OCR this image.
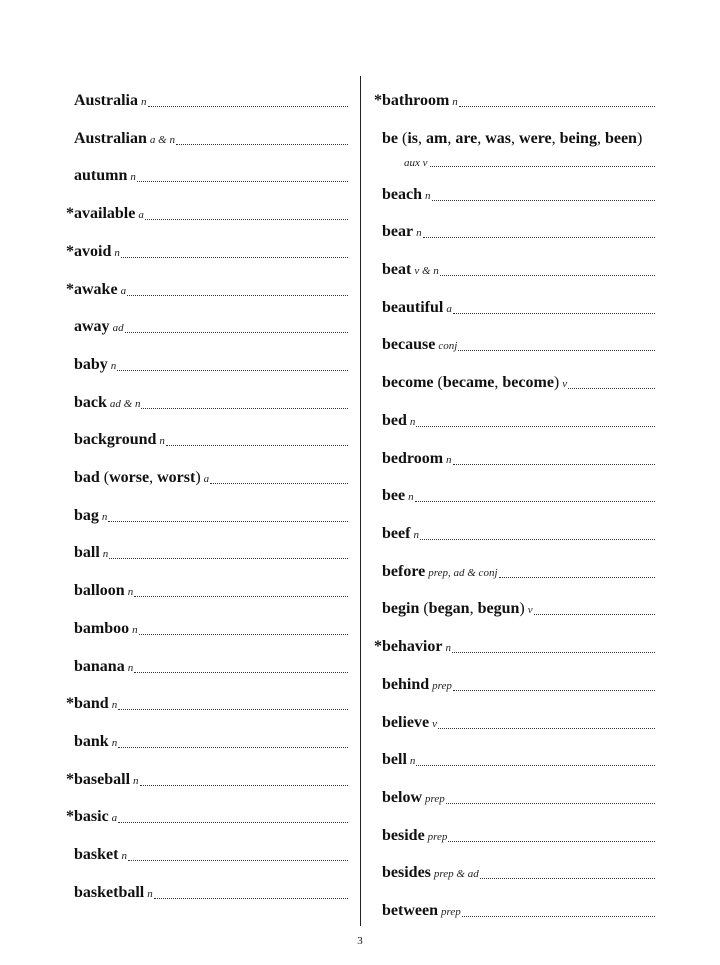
Australia n
Australian a & n
autumn n
* available a
* avoid n
* awake a
away ad
baby n
back ad & n
background n
bad (worse, worst) a
bag n
ball n
balloon n
bamboo n
banana n
* band n
bank n
* baseball n
* basic a
basket n
basketball n
* bathroom n
be (is, am, are, was, were, being, been)
aux v
beach n
bear n
beat v & n
beautiful a
because conj
become (became, become) v
bed n
bedroom n
bee n
beef n
before prep, ad & conj
begin (began, begun) v
* behavior n
behind prep
believe v
bell n
below prep
beside prep
besides prep & ad
between prep
3
